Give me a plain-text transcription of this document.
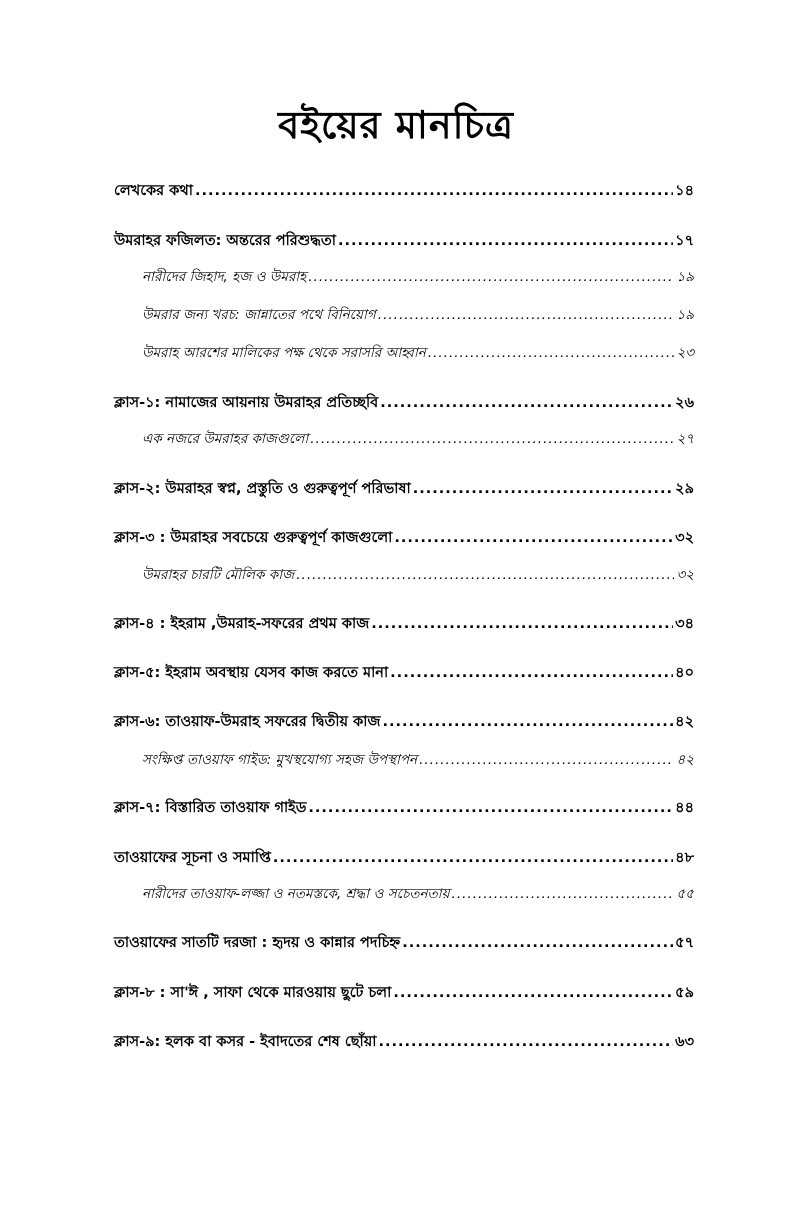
বইয়ের মানচিত্র
লেখকের কথা .....	১৪
উমরাহর ফজিলত: অন্তরের পরিশুদ্ধতা .....	১৭
নারীদের জিহাদ, হজ ও উমরাহ .....	১৯
উমরার জন্য খরচ: জান্নাতের পথে বিনিয়োগ .....	১৯
উমরাহ আরশের মালিকের পক্ষ থেকে সরাসরি আহ্বান .....	২৩
ক্লাস-১: নামাজের আয়নায় উমরাহর প্রতিচ্ছবি .....	২৬
এক নজরে উমরাহর কাজগুলো .....	২৭
ক্লাস-২: উমরাহর স্বপ্ন, প্রস্তুতি ও গুরুত্বপূর্ণ পরিভাষা .....	২৯
ক্লাস-৩ : উমরাহর সবচেয়ে গুরুত্বপূর্ণ কাজগুলো .....	৩২
উমরাহর চারটি মৌলিক কাজ .....	৩২
ক্লাস-৪ : ইহরাম ,উমরাহ-সফরের প্রথম কাজ .....	৩৪
ক্লাস-৫: ইহরাম অবস্থায় যেসব কাজ করতে মানা .....	৪০
ক্লাস-৬: তাওয়াফ-উমরাহ সফরের দ্বিতীয় কাজ .....	৪২
সংক্ষিপ্ত তাওয়াফ গাইড: মুখস্থযোগ্য সহজ উপস্থাপন .....	৪২
ক্লাস-৭: বিস্তারিত তাওয়াফ গাইড .....	৪৪
তাওয়াফের সূচনা ও সমাপ্তি .....	৪৮
নারীদের তাওয়াফ-লজ্জা ও নতমস্তকে, শ্রদ্ধা ও সচেতনতায় .....	৫৫
তাওয়াফের সাতটি দরজা : হৃদয় ও কান্নার পদচিহ্ন .....	৫৭
ক্লাস-৮ : সা'ঈ , সাফা থেকে মারওয়ায় ছুটে চলা .....	৫৯
ক্লাস-৯: হলক বা কসর - ইবাদতের শেষ ছোঁয়া .....	৬৩
